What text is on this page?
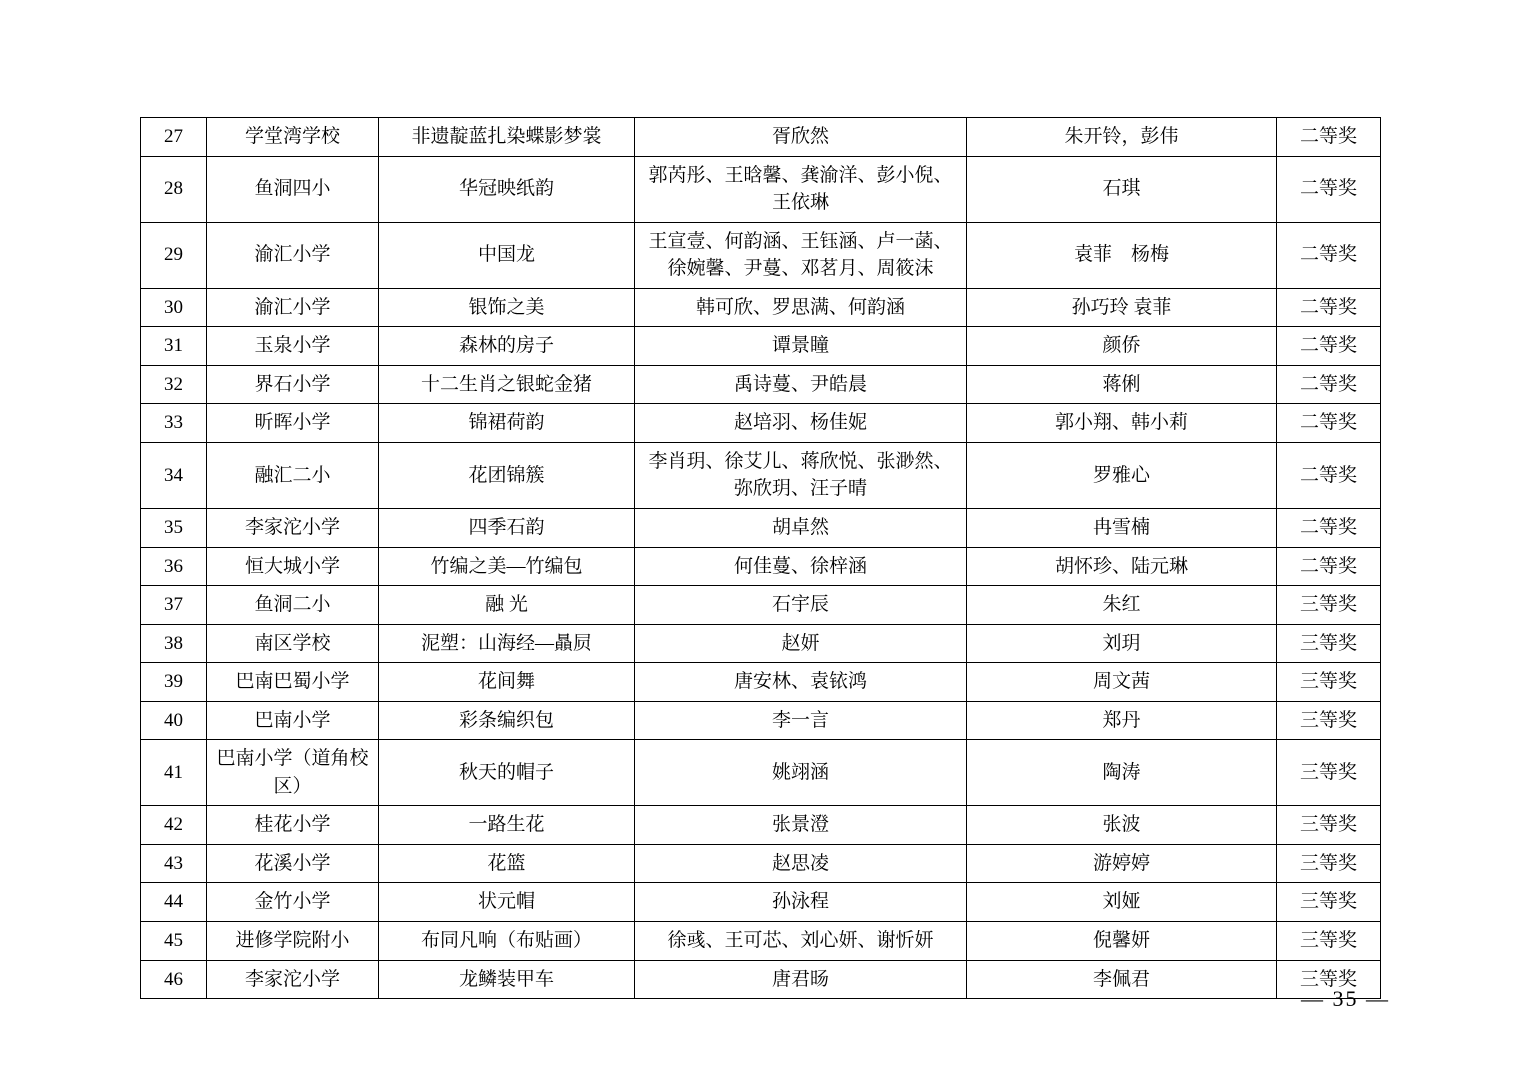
27	学堂湾学校	非遗靛蓝扎染蝶影梦裳	胥欣然	朱开铃，彭伟	二等奖
28	鱼洞四小	华冠映纸韵	郭芮彤、王晗馨、龚渝洋、彭小倪、王依琳	石琪	二等奖
29	渝汇小学	中国龙	王宣壹、何韵涵、王钰涵、卢一菡、徐婉馨、尹蔓、邓茗月、周筱沫	袁菲　杨梅	二等奖
30	渝汇小学	银饰之美	韩可欣、罗思满、何韵涵	孙巧玲 袁菲	二等奖
31	玉泉小学	森林的房子	谭景瞳	颜侨	二等奖
32	界石小学	十二生肖之银蛇金猪	禹诗蔓、尹皓晨	蒋俐	二等奖
33	昕晖小学	锦裙荷韵	赵培羽、杨佳妮	郭小翔、韩小莉	二等奖
34	融汇二小	花团锦簇	李肖玥、徐艾儿、蒋欣悦、张渺然、弥欣玥、汪子晴	罗雅心	二等奖
35	李家沱小学	四季石韵	胡卓然	冉雪楠	二等奖
36	恒大城小学	竹编之美—竹编包	何佳蔓、徐梓涵	胡怀珍、陆元琳	二等奖
37	鱼洞二小	融 光	石宇辰	朱红	三等奖
38	南区学校	泥塑：山海经—贔屃	赵妍	刘玥	三等奖
39	巴南巴蜀小学	花间舞	唐安林、袁铱鸿	周文茜	三等奖
40	巴南小学	彩条编织包	李一言	郑丹	三等奖
41	巴南小学（道角校区）	秋天的帽子	姚翊涵	陶涛	三等奖
42	桂花小学	一路生花	张景澄	张波	三等奖
43	花溪小学	花篮	赵思凌	游婷婷	三等奖
44	金竹小学	状元帽	孙泳程	刘娅	三等奖
45	进修学院附小	布同凡响（布贴画）	徐彧、王可芯、刘心妍、谢忻妍	倪馨妍	三等奖
46	李家沱小学	龙鳞装甲车	唐君旸	李佩君	三等奖
— 35 —
